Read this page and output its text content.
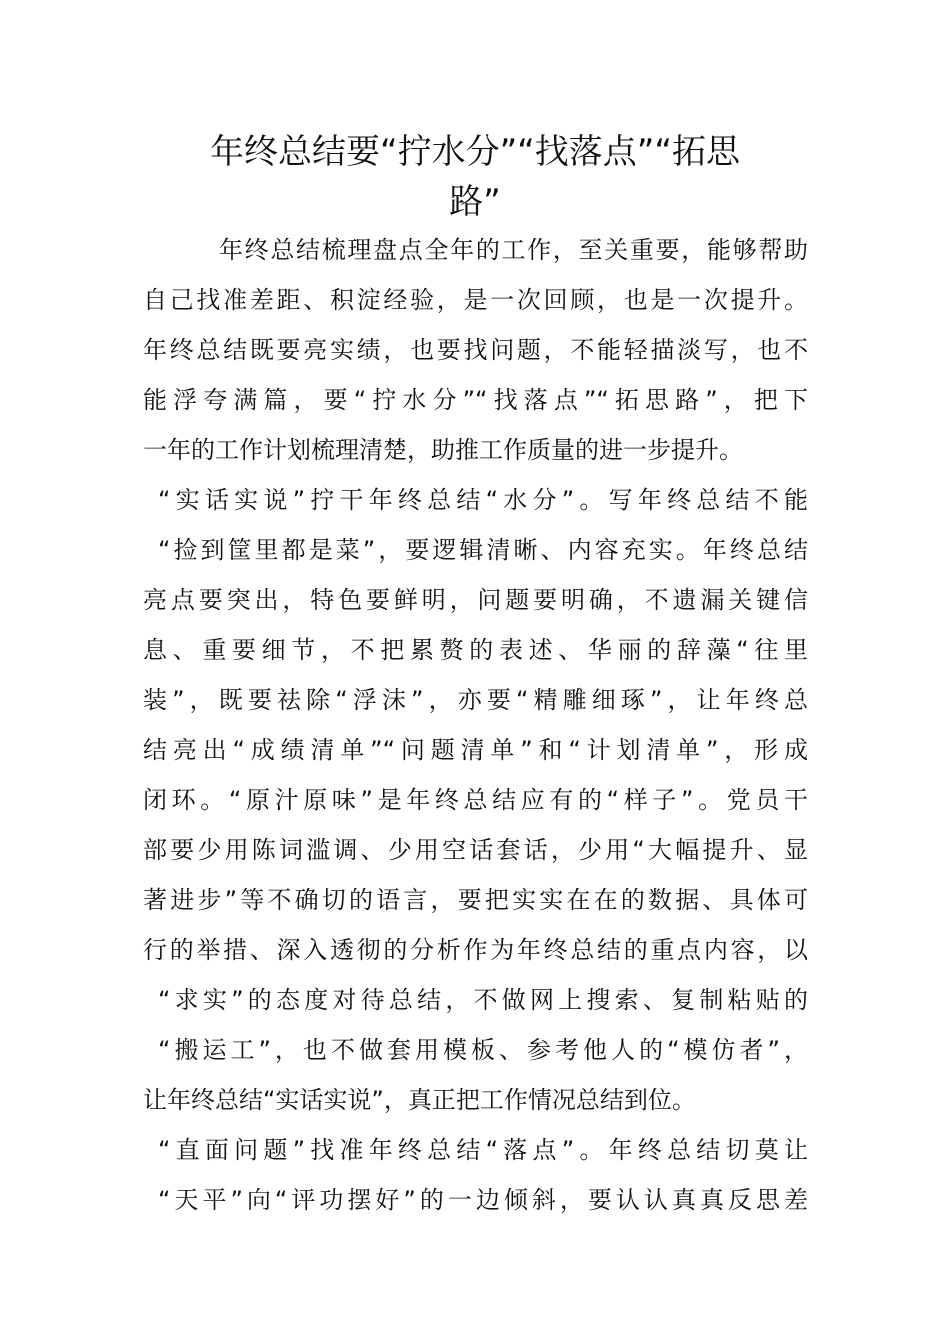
年终总结要“拧水分”“找落点”“拓思
路”
年终总结梳理盘点全年的工作，至关重要，能够帮助
自己找准差距、积淀经验，是一次回顾，也是一次提升。
年终总结既要亮实绩，也要找问题，不能轻描淡写，也不
能浮夸满篇，要“拧水分”“找落点”“拓思路”，把下
一年的工作计划梳理清楚，助推工作质量的进一步提升。
“实话实说”拧干年终总结“水分”。写年终总结不能
“捡到筐里都是菜”，要逻辑清晰、内容充实。年终总结
亮点要突出，特色要鲜明，问题要明确，不遗漏关键信
息、重要细节，不把累赘的表述、华丽的辞藻“往里
装”，既要祛除“浮沫”，亦要“精雕细琢”，让年终总
结亮出“成绩清单”“问题清单”和“计划清单”，形成
闭环。“原汁原味”是年终总结应有的“样子”。党员干
部要少用陈词滥调、少用空话套话，少用“大幅提升、显
著进步”等不确切的语言，要把实实在在的数据、具体可
行的举措、深入透彻的分析作为年终总结的重点内容，以
“求实”的态度对待总结，不做网上搜索、复制粘贴的
“搬运工”，也不做套用模板、参考他人的“模仿者”，
让年终总结“实话实说”，真正把工作情况总结到位。
“直面问题”找准年终总结“落点”。年终总结切莫让
“天平”向“评功摆好”的一边倾斜，要认认真真反思差
